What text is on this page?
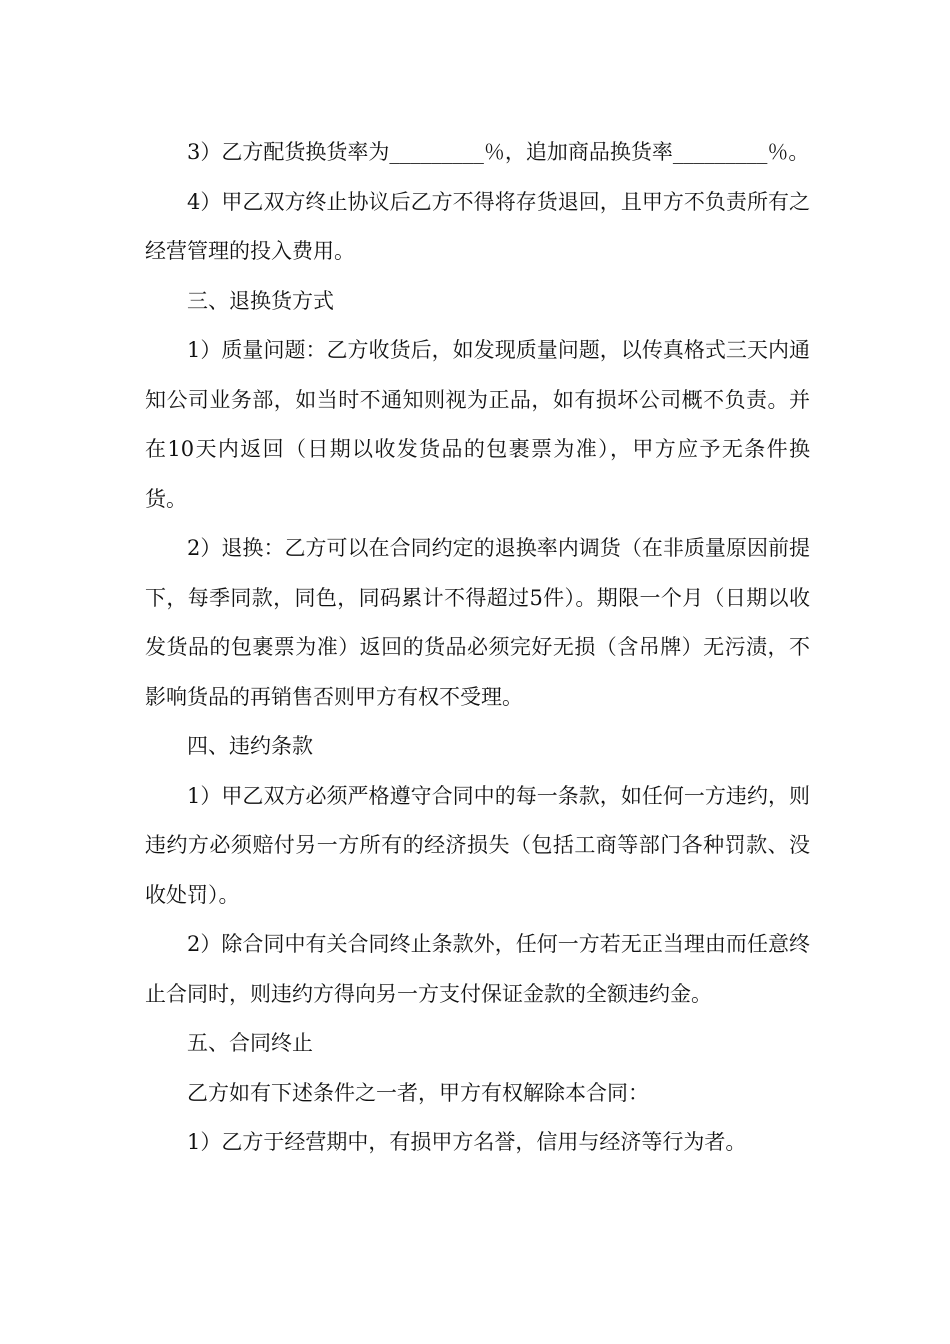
3）乙方配货换货率为_________％，追加商品换货率_________％。

4）甲乙双方终止协议后乙方不得将存货退回，且甲方不负责所有之经营管理的投入费用。

三、退换货方式

1）质量问题：乙方收货后，如发现质量问题，以传真格式三天内通知公司业务部，如当时不通知则视为正品，如有损坏公司概不负责。并在10天内返回（日期以收发货品的包裹票为准），甲方应予无条件换货。

2）退换：乙方可以在合同约定的退换率内调货（在非质量原因前提下，每季同款，同色，同码累计不得超过5件）。期限一个月（日期以收发货品的包裹票为准）返回的货品必须完好无损（含吊牌）无污渍，不影响货品的再销售否则甲方有权不受理。

四、违约条款

1）甲乙双方必须严格遵守合同中的每一条款，如任何一方违约，则违约方必须赔付另一方所有的经济损失（包括工商等部门各种罚款、没收处罚）。

2）除合同中有关合同终止条款外，任何一方若无正当理由而任意终止合同时，则违约方得向另一方支付保证金款的全额违约金。

五、合同终止

乙方如有下述条件之一者，甲方有权解除本合同：

1）乙方于经营期中，有损甲方名誉，信用与经济等行为者。
